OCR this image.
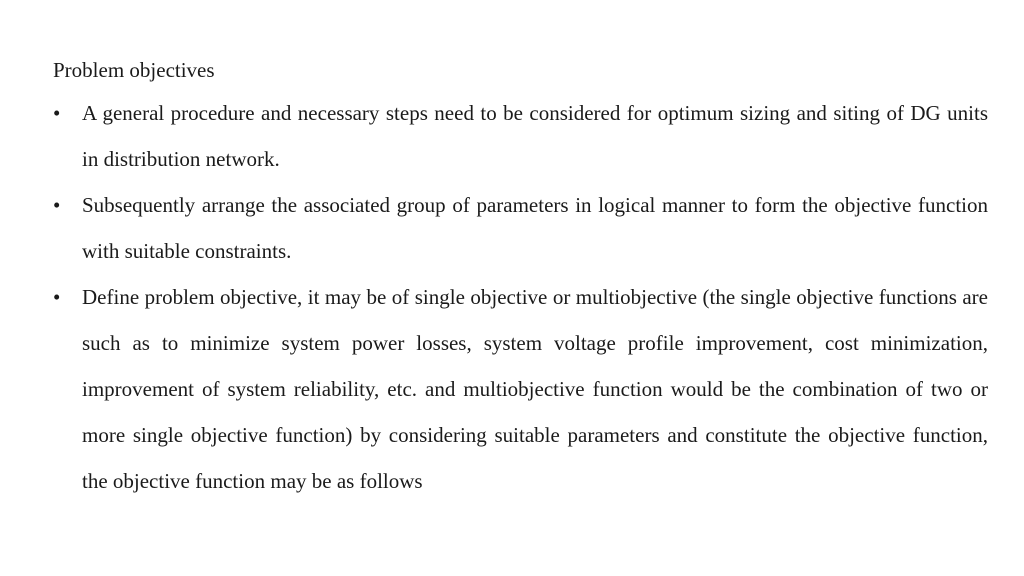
Problem objectives
•	A general procedure and necessary steps need to be considered for optimum sizing and siting of DG units in distribution network.
•	Subsequently arrange the associated group of parameters in logical manner to form the objective function with suitable constraints.
•	Define problem objective, it may be of single objective or multiobjective (the single objective functions are such as to minimize system power losses, system voltage profile improvement, cost minimization, improvement of system reliability, etc. and multiobjective function would be the combination of two or more single objective function) by considering suitable parameters and constitute the objective function, the objective function may be as follows
